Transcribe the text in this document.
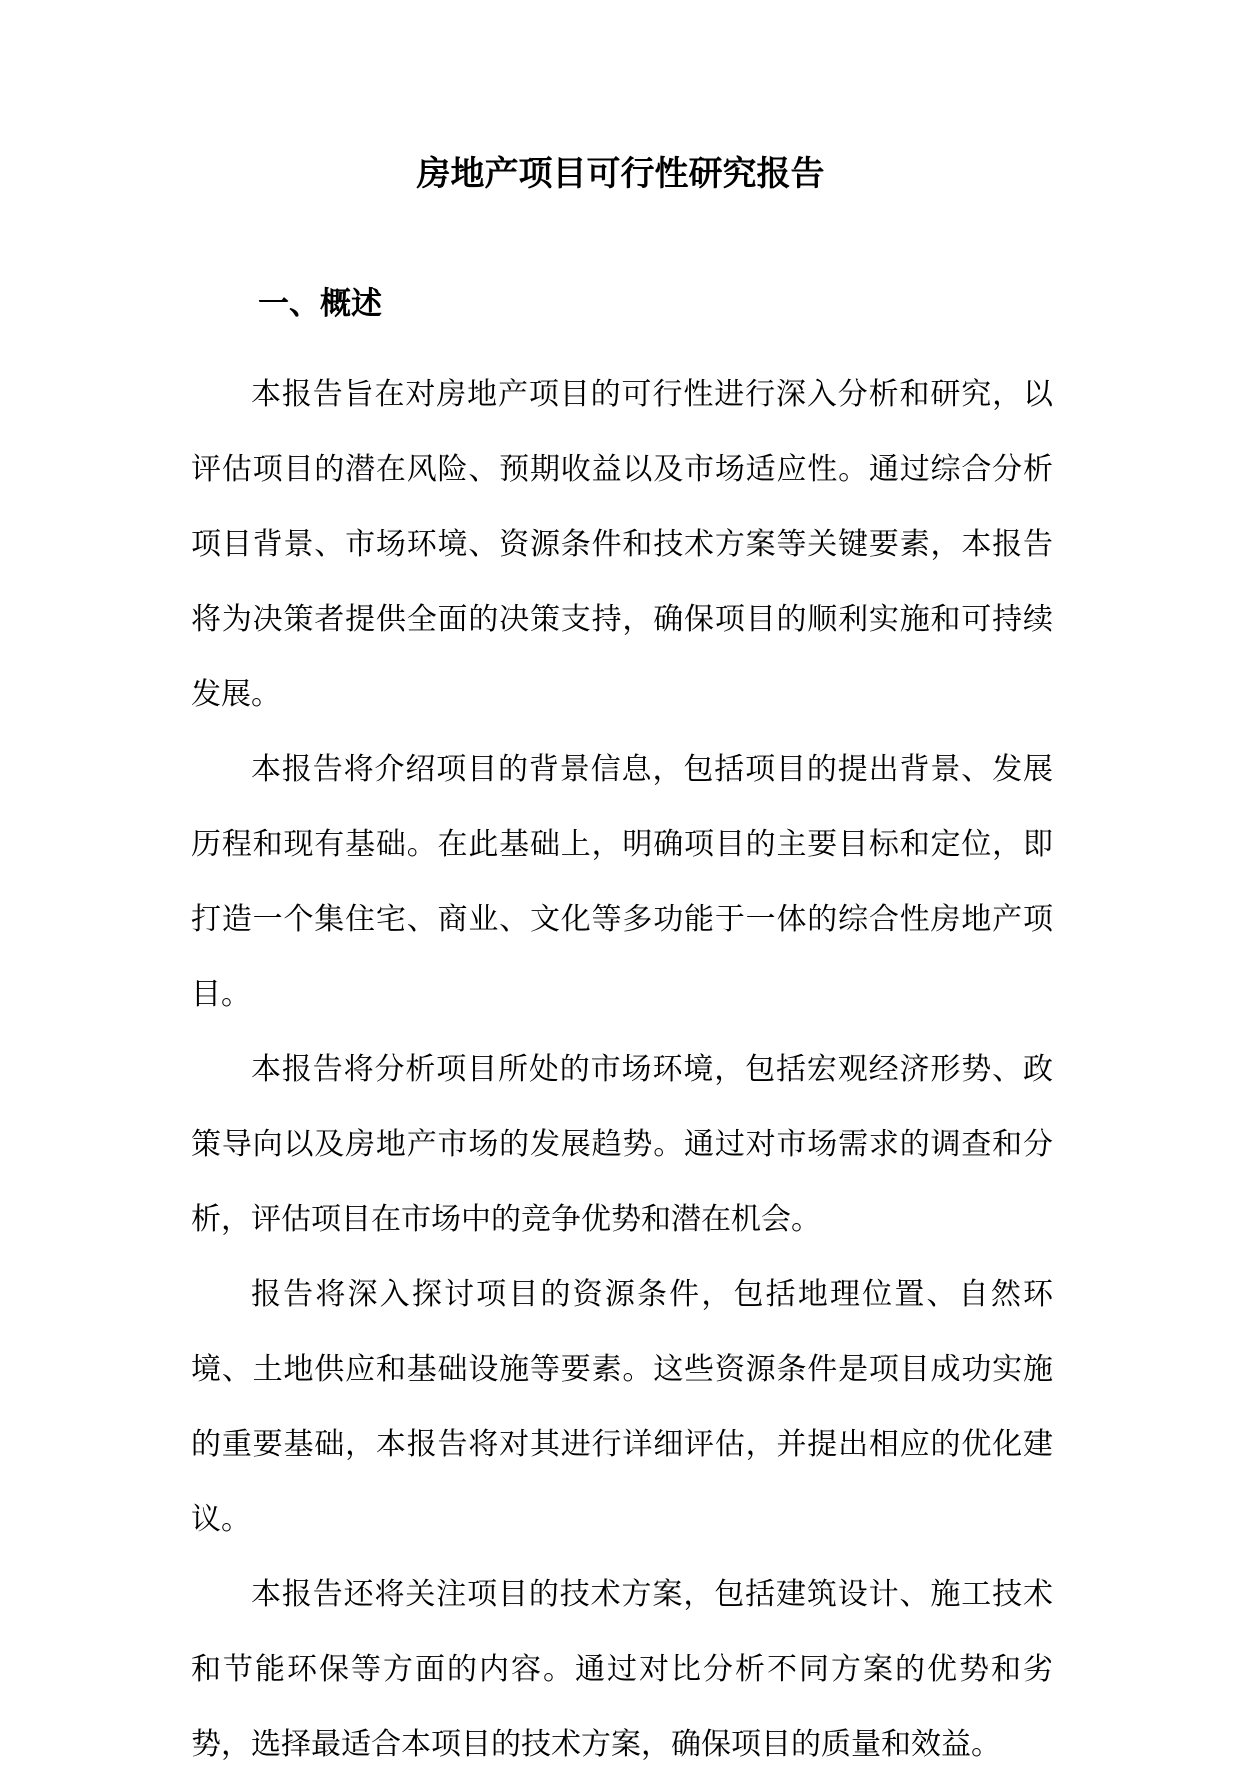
房地产项目可行性研究报告
一、概述

本报告旨在对房地产项目的可行性进行深入分析和研究，以评估项目的潜在风险、预期收益以及市场适应性。通过综合分析项目背景、市场环境、资源条件和技术方案等关键要素，本报告将为决策者提供全面的决策支持，确保项目的顺利实施和可持续发展。

本报告将介绍项目的背景信息，包括项目的提出背景、发展历程和现有基础。在此基础上，明确项目的主要目标和定位，即打造一个集住宅、商业、文化等多功能于一体的综合性房地产项目。

本报告将分析项目所处的市场环境，包括宏观经济形势、政策导向以及房地产市场的发展趋势。通过对市场需求的调查和分析，评估项目在市场中的竞争优势和潜在机会。

报告将深入探讨项目的资源条件，包括地理位置、自然环境、土地供应和基础设施等要素。这些资源条件是项目成功实施的重要基础，本报告将对其进行详细评估，并提出相应的优化建议。

本报告还将关注项目的技术方案，包括建筑设计、施工技术和节能环保等方面的内容。通过对比分析不同方案的优势和劣势，选择最适合本项目的技术方案，确保项目的质量和效益。
